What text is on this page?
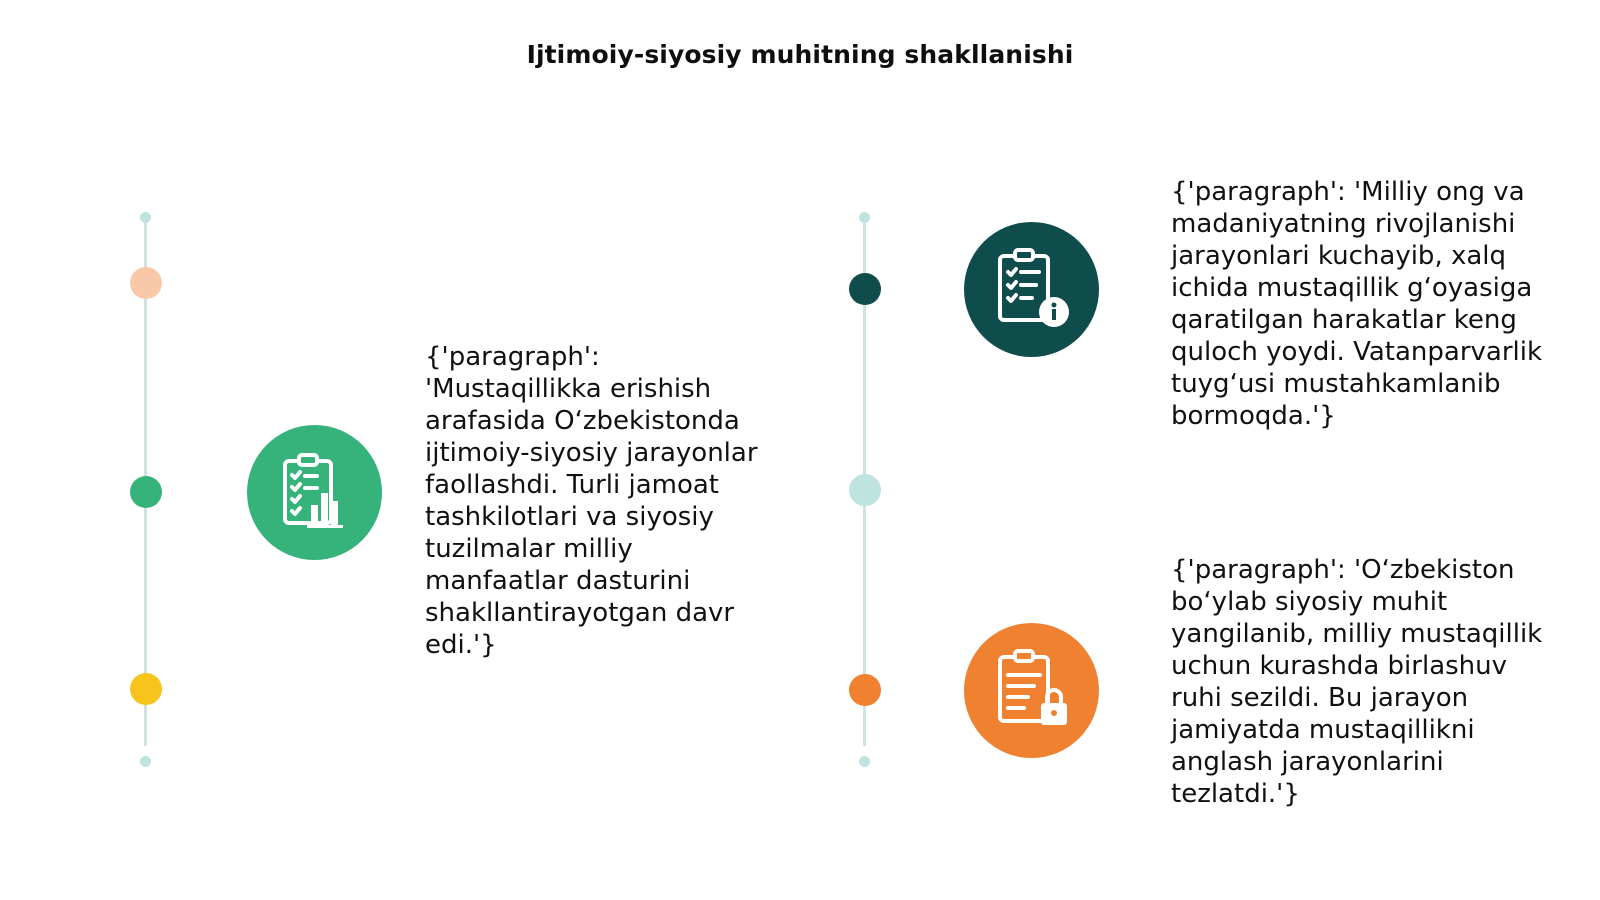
Ijtimoiy-siyosiy muhitning shakllanishi
{'paragraph': 'Mustaqillikka erishish arafasida O‘zbekistonda ijtimoiy-siyosiy jarayonlar faollashdi. Turli jamoat tashkilotlari va siyosiy tuzilmalar milliy manfaatlar dasturini shakllantirayotgan davr edi.'}
{'paragraph': 'Milliy ong va madaniyatning rivojlanishi jarayonlari kuchayib, xalq ichida mustaqillik g‘oyasiga qaratilgan harakatlar keng quloch yoydi. Vatanparvarlik tuyg‘usi mustahkamlanib bormoqda.'}
{'paragraph': 'O‘zbekiston bo‘ylab siyosiy muhit yangilanib, milliy mustaqillik uchun kurashda birlashuv ruhi sezildi. Bu jarayon jamiyatda mustaqillikni anglash jarayonlarini tezlatdi.'}
